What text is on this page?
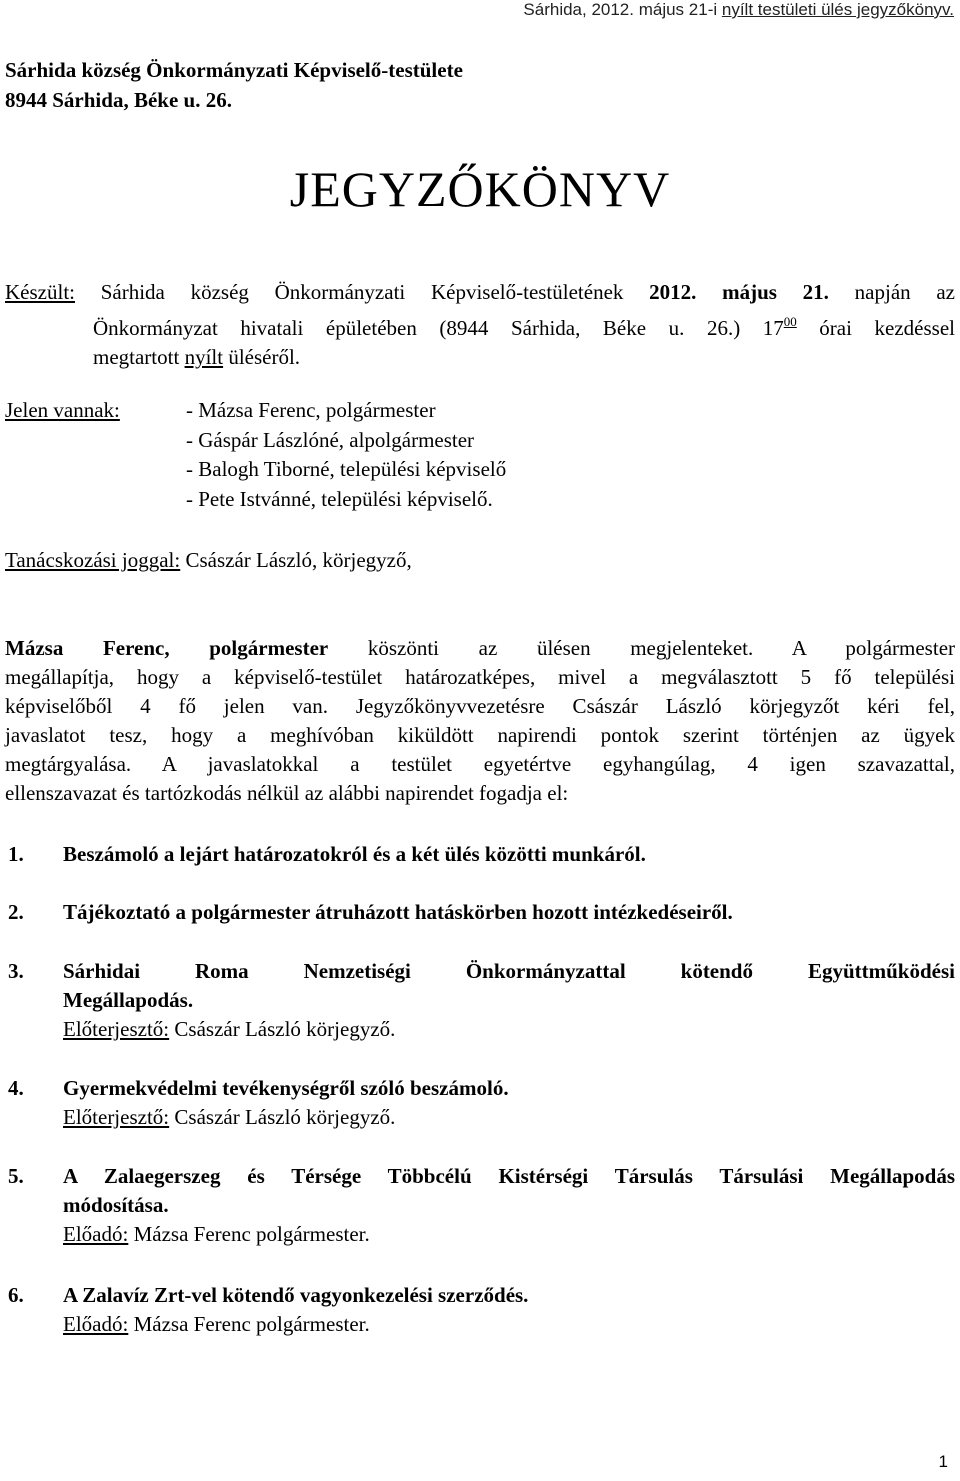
Sárhida, 2012. május 21-i nyílt testületi ülés jegyzőkönyv.
Sárhida község Önkormányzati Képviselő-testülete
8944 Sárhida, Béke u. 26.
JEGYZŐKÖNYV
Készült: Sárhida község Önkormányzati Képviselő-testületének 2012. május 21. napján az
Önkormányzat hivatali épületében (8944 Sárhida, Béke u. 26.) $17^{00}$ órai kezdéssel
megtartott nyílt üléséről.
Jelen vannak:	- Mázsa Ferenc, polgármester
- Gáspár Lászlóné, alpolgármester
- Balogh Tiborné, települési képviselő
- Pete Istvánné, települési képviselő.
Tanácskozási joggal: Császár László, körjegyző,
Mázsa Ferenc, polgármester köszönti az ülésen megjelenteket. A polgármester
megállapítja, hogy a képviselő-testület határozatképes, mivel a megválasztott 5 fő települési
képviselőből 4 fő jelen van. Jegyzőkönyvvezetésre Császár László körjegyzőt kéri fel,
javaslatot tesz, hogy a meghívóban kiküldött napirendi pontok szerint történjen az ügyek
megtárgyalása. A javaslatokkal a testület egyetértve egyhangúlag, 4 igen szavazattal,
ellenszavazat és tartózkodás nélkül az alábbi napirendet fogadja el:
1. Beszámoló a lejárt határozatokról és a két ülés közötti munkáról.
2. Tájékoztató a polgármester átruházott hatáskörben hozott intézkedéseiről.
3. Sárhidai Roma Nemzetiségi Önkormányzattal kötendő Együttműködési
Megállapodás.
Előterjesztő: Császár László körjegyző.
4. Gyermekvédelmi tevékenységről szóló beszámoló.
Előterjesztő: Császár László körjegyző.
5. A Zalaegerszeg és Térsége Többcélú Kistérségi Társulás Társulási Megállapodás
módosítása.
Előadó: Mázsa Ferenc polgármester.
6. A Zalavíz Zrt-vel kötendő vagyonkezelési szerződés.
Előadó: Mázsa Ferenc polgármester.
1
